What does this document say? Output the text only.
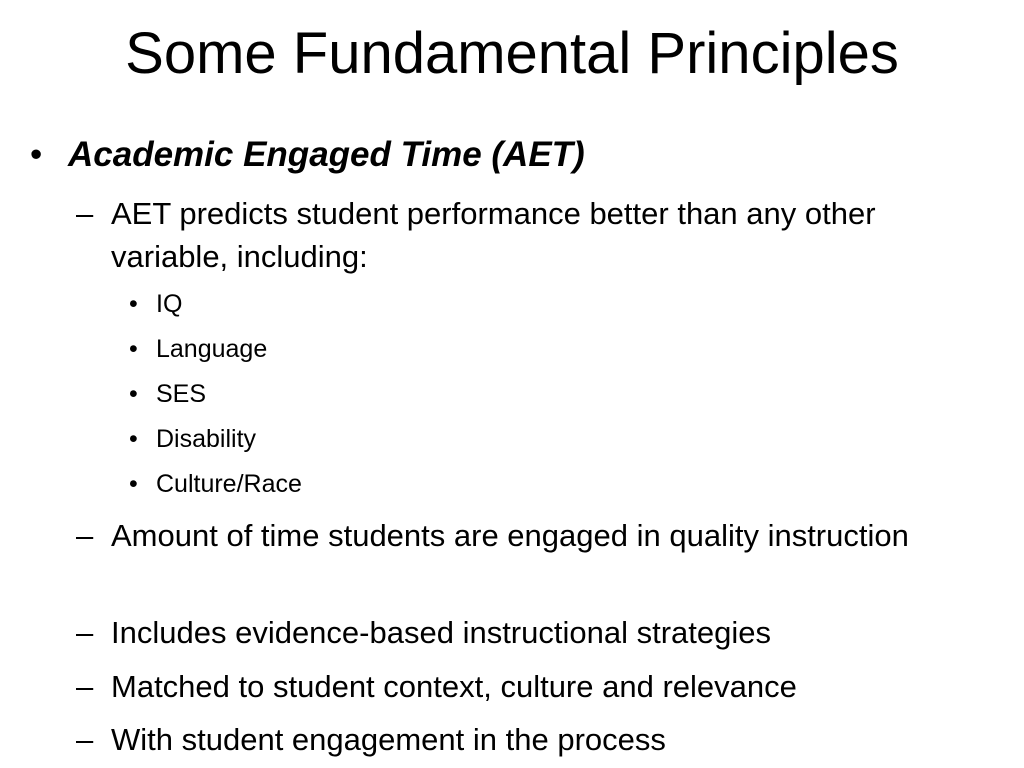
Some Fundamental Principles
• Academic Engaged Time (AET)
– AET predicts student performance better than any other variable, including:
• IQ
• Language
• SES
• Disability
• Culture/Race
– Amount of time students are engaged in quality instruction
– Includes evidence-based instructional strategies
– Matched to student context, culture and relevance
– With student engagement in the process
